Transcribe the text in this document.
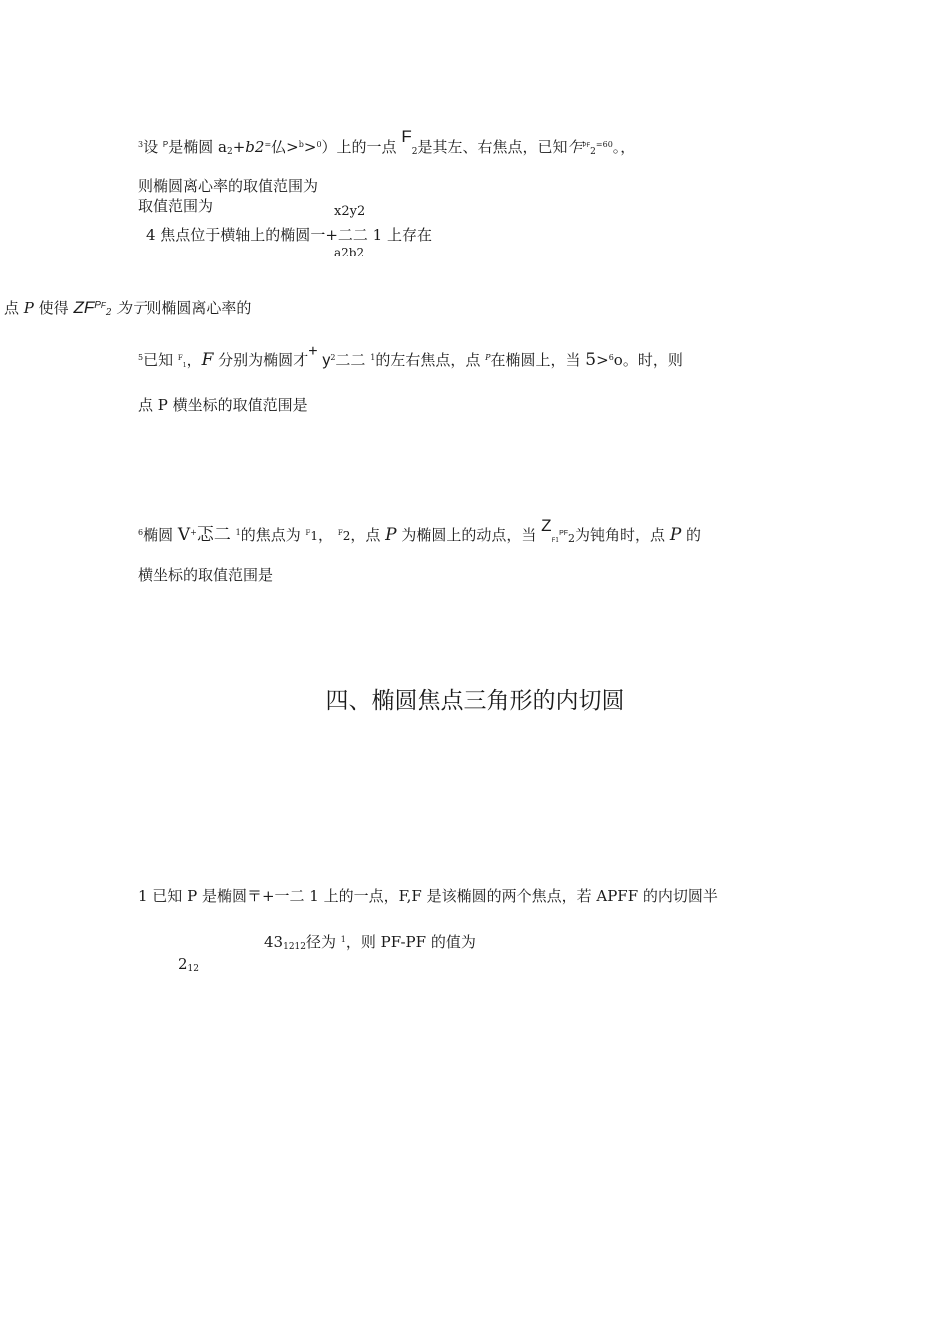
$^3$设 $^P$是椭圆 $a_2+b2^=$仏>$^b$>$^0$）上的一点 $F_2$是其左、右焦点，已知乍$^{PF}_2^{=60}$。，
则椭圆离心率的取值范围为
取值范围为	x2y2
4 焦点位于横轴上的椭圆一+二二 1 上存在
a2b2
点 P 使得 $ZF^{PF}_2$ 为亍则椭圆离心率的
$^5$已知 $^F_1$，F 分别为椭圆才+ $y^2$二二 $^1$的左右焦点，点 $^P$在椭圆上，当 5>$^6$o。时，则
点 P 横坐标的取值范围是
$^6$椭圆 V+忑二 $^1$的焦点为 $^F$1， $^F$2，点 P 为椭圆上的动点，当 $Z_{F1}^{PF}2$为钝角时，点 P 的
横坐标的取值范围是
四、椭圆焦点三角形的内切圆
1 已知 P 是椭圆〒+一二 1 上的一点，F,F 是该椭圆的两个焦点，若 APFF 的内切圆半
$43_{1212}$径为 $^1$，则 PF-PF 的值为
$2_{12}$
